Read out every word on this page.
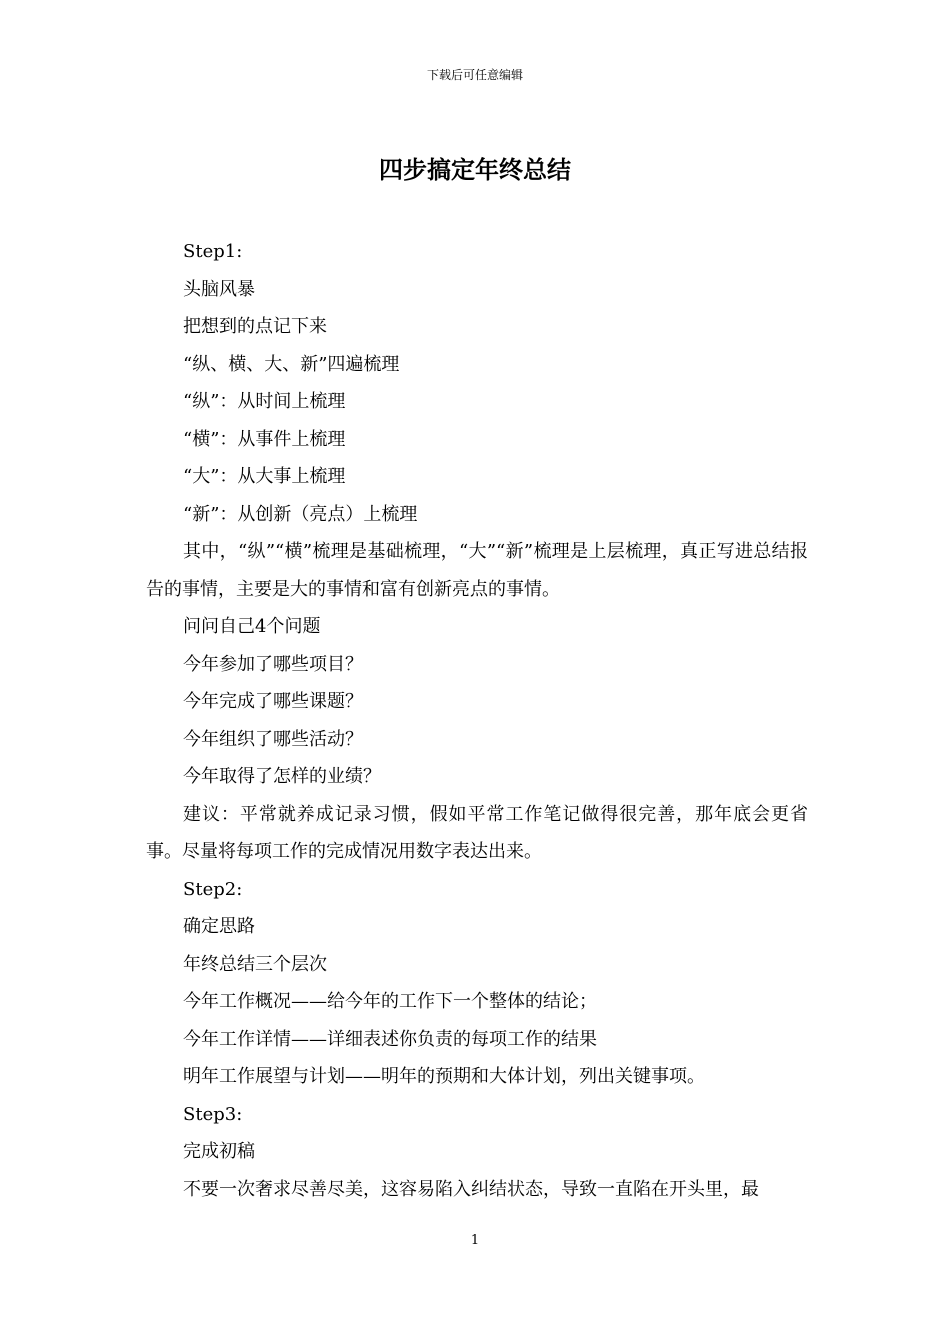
下载后可任意编辑
四步搞定年终总结

Step1:

头脑风暴

把想到的点记下来

“纵、横、大、新”四遍梳理

“纵”：从时间上梳理

“横”：从事件上梳理

“大”：从大事上梳理

“新”：从创新（亮点）上梳理

其中，“纵”“横”梳理是基础梳理，“大”“新”梳理是上层梳理，真正写进总结报告的事情，主要是大的事情和富有创新亮点的事情。

问问自己4个问题

今年参加了哪些项目？

今年完成了哪些课题？

今年组织了哪些活动？

今年取得了怎样的业绩？

建议：平常就养成记录习惯，假如平常工作笔记做得很完善，那年底会更省事。尽量将每项工作的完成情况用数字表达出来。

Step2:

确定思路

年终总结三个层次

今年工作概况——给今年的工作下一个整体的结论；

今年工作详情——详细表述你负责的每项工作的结果

明年工作展望与计划——明年的预期和大体计划，列出关键事项。

Step3:

完成初稿

不要一次奢求尽善尽美，这容易陷入纠结状态，导致一直陷在开头里，最

1
